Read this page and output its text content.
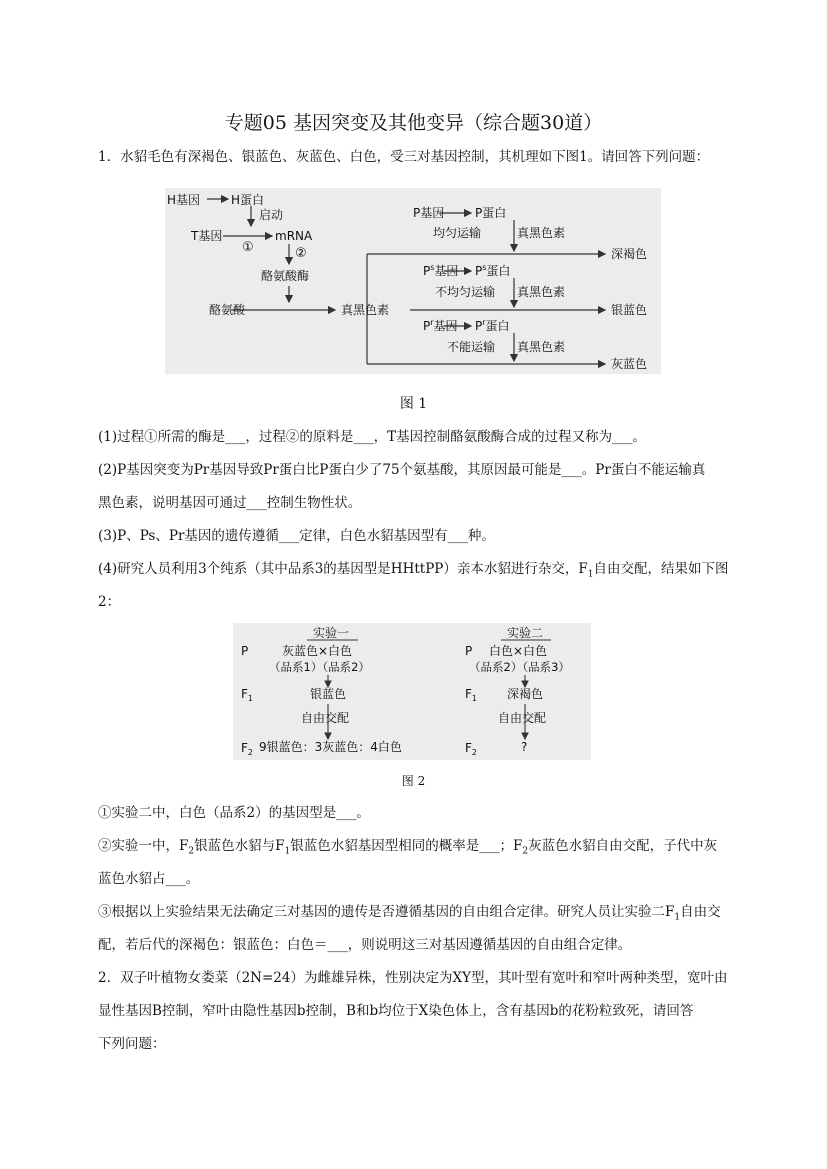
专题05 基因突变及其他变异（综合题30道）
1．水貂毛色有深褐色、银蓝色、灰蓝色、白色，受三对基因控制，其机理如下图1。请回答下列问题：
H基因	H蛋白
启动
T基因
①
mRNA
②
酪氨酸酶
酪氨酸	真黑色素
P基因	P蛋白
均匀运输	真黑色素
深褐色
$P^s$基因 $P^s$蛋白
不均匀运输 真黑色素
银蓝色
$P^r$基因 $P^r$蛋白
不能运输 真黑色素
灰蓝色
图 1
(1)过程①所需的酶是___，过程②的原料是___，T基因控制酪氨酸酶合成的过程又称为___。
(2)P基因突变为Pr基因导致Pr蛋白比P蛋白少了75个氨基酸，其原因最可能是___。Pr蛋白不能运输真
黑色素，说明基因可通过___控制生物性状。
(3)P、Ps、Pr基因的遗传遵循___定律，白色水貂基因型有___种。
(4)研究人员利用3个纯系（其中品系3的基因型是HHttPP）亲本水貂进行杂交，$F_1$自由交配，结果如下图
2：
实验一	实验二
P	P
$F_1$	$F_1$
$F_2$	$F_2$
灰蓝色×白色
（品系1）（品系2）
银蓝色
自由交配
9银蓝色：3灰蓝色：4白色
白色×白色
（品系2）（品系3）
深褐色
自由交配
?
图 2
①实验二中，白色（品系2）的基因型是___。
②实验一中，$F_2$银蓝色水貂与$F_1$银蓝色水貂基因型相同的概率是___；$F_2$灰蓝色水貂自由交配，子代中灰
蓝色水貂占___。
③根据以上实验结果无法确定三对基因的遗传是否遵循基因的自由组合定律。研究人员让实验二$F_1$自由交
配，若后代的深褐色：银蓝色：白色＝___，则说明这三对基因遵循基因的自由组合定律。
2．双子叶植物女娄菜（2N=24）为雌雄异株，性别决定为XY型，其叶型有宽叶和窄叶两种类型，宽叶由
显性基因B控制，窄叶由隐性基因b控制，B和b均位于X染色体上，含有基因b的花粉粒致死，请回答
下列问题：
